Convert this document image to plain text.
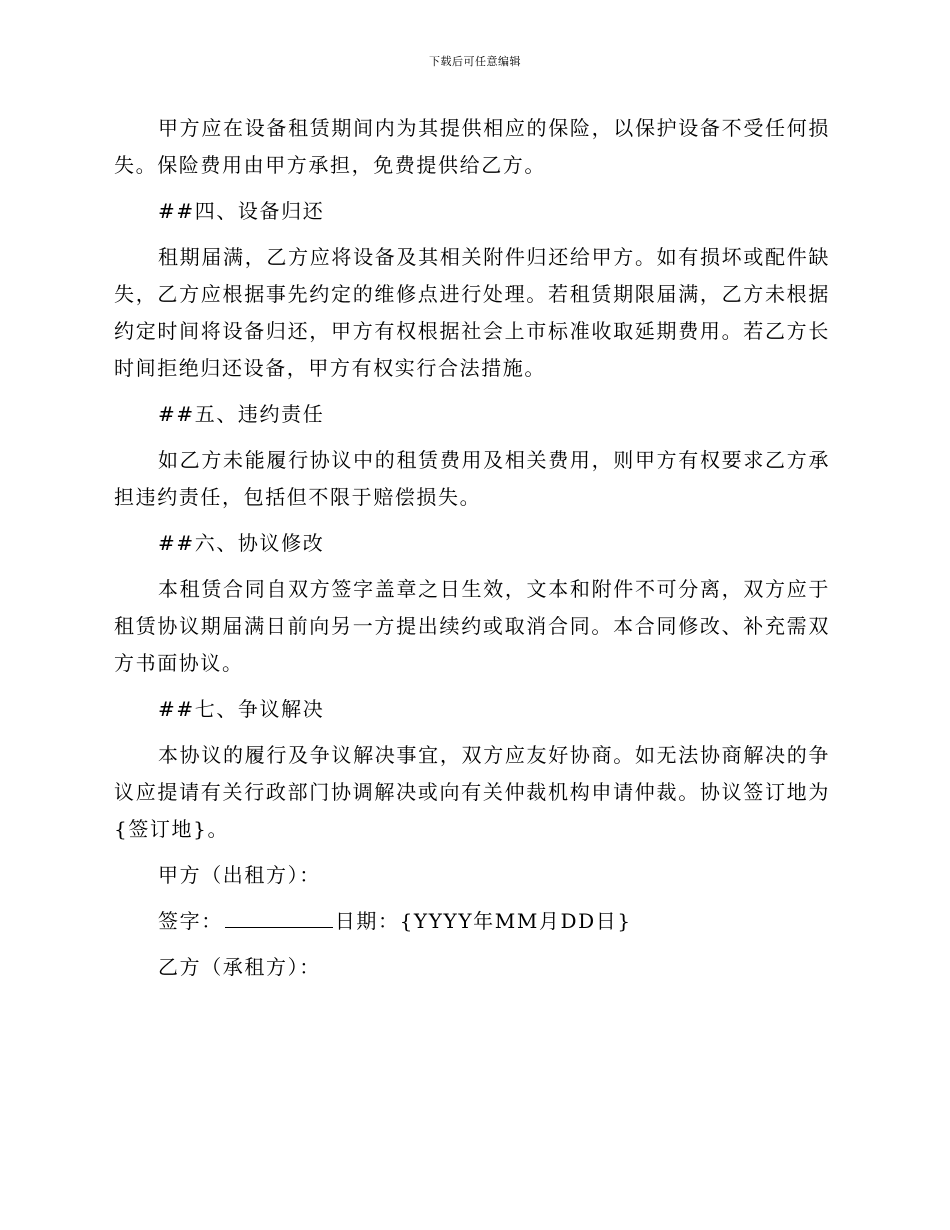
下载后可任意编辑

甲方应在设备租赁期间内为其提供相应的保险，以保护设备不受任何损失。保险费用由甲方承担，免费提供给乙方。

##四、设备归还

租期届满，乙方应将设备及其相关附件归还给甲方。如有损坏或配件缺失，乙方应根据事先约定的维修点进行处理。若租赁期限届满，乙方未根据约定时间将设备归还，甲方有权根据社会上市标准收取延期费用。若乙方长时间拒绝归还设备，甲方有权实行合法措施。

##五、违约责任

如乙方未能履行协议中的租赁费用及相关费用，则甲方有权要求乙方承担违约责任，包括但不限于赔偿损失。

##六、协议修改

本租赁合同自双方签字盖章之日生效，文本和附件不可分离，双方应于租赁协议期届满日前向另一方提出续约或取消合同。本合同修改、补充需双方书面协议。

##七、争议解决

本协议的履行及争议解决事宜，双方应友好协商。如无法协商解决的争议应提请有关行政部门协调解决或向有关仲裁机构申请仲裁。协议签订地为{签订地}。

甲方（出租方）：

签字：	日期：{YYYY年MM月DD日}

乙方（承租方）：
